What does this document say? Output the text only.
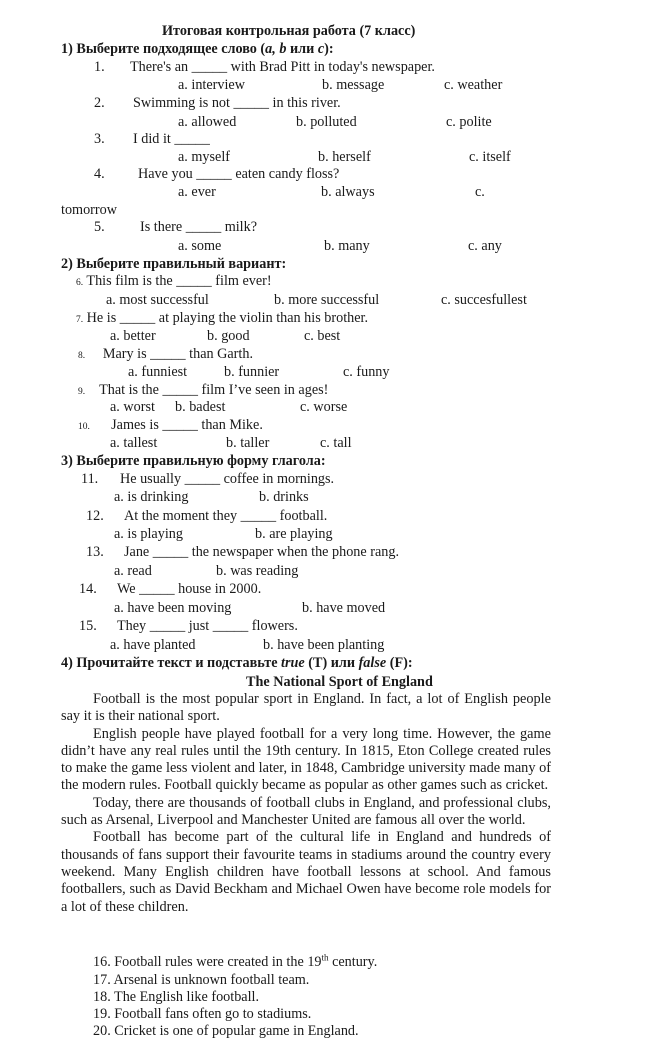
Итоговая контрольная работа (7 класс)
1) Выберите подходящее слово (a, b или c):
1. There's an _____ with Brad Pitt in today's newspaper.
a. interview	b. message	c. weather
2. Swimming is not _____ in this river.
a. allowed	b. polluted	c. polite
3. I did it _____
a. myself	b. herself	c. itself
4. Have you _____ eaten candy floss?
a. ever	b. always	c.
tomorrow
5. Is there _____ milk?
a. some	b. many	c. any
2) Выберите правильный вариант:
6. This film is the _____ film ever!
a. most successful	b. more successful	c. succesfullest
7. He is _____ at playing the violin than his brother.
a. better	b. good	c. best
8. Mary is _____ than Garth.
a. funniest	b. funnier	c. funny
9. That is the _____ film I’ve seen in ages!
a. worst b. badest	c. worse
10. James is _____ than Mike.
a. tallest	b. taller	c. tall
3) Выберите правильную форму глагола:
11. He usually _____ coffee in mornings.
a. is drinking	b. drinks
12. At the moment they _____ football.
a. is playing	b. are playing
13. Jane _____ the newspaper when the phone rang.
a. read	b. was reading
14. We _____ house in 2000.
a. have been moving	b. have moved
15. They _____ just _____ flowers.
a. have planted	b. have been planting
4) Прочитайте текст и подставьте true (T) или false (F):
The National Sport of England

Football is the most popular sport in England. In fact, a lot of English people say it is their national sport.

English people have played football for a very long time. However, the game didn’t have any real rules until the 19th century. In 1815, Eton College created rules to make the game less violent and later, in 1848, Cambridge university made many of the modern rules. Football quickly became as popular as other games such as cricket.

Today, there are thousands of football clubs in England, and professional clubs, such as Arsenal, Liverpool and Manchester United are famous all over the world.

Football has become part of the cultural life in England and hundreds of thousands of fans support their favourite teams in stadiums around the country every weekend. Many English children have football lessons at school. And famous footballers, such as David Beckham and Michael Owen have become role models for a lot of these children.

16. Football rules were created in the 19th century.
17. Arsenal is unknown football team.
18. The English like football.
19. Football fans often go to stadiums.
20. Cricket is one of popular game in England.
